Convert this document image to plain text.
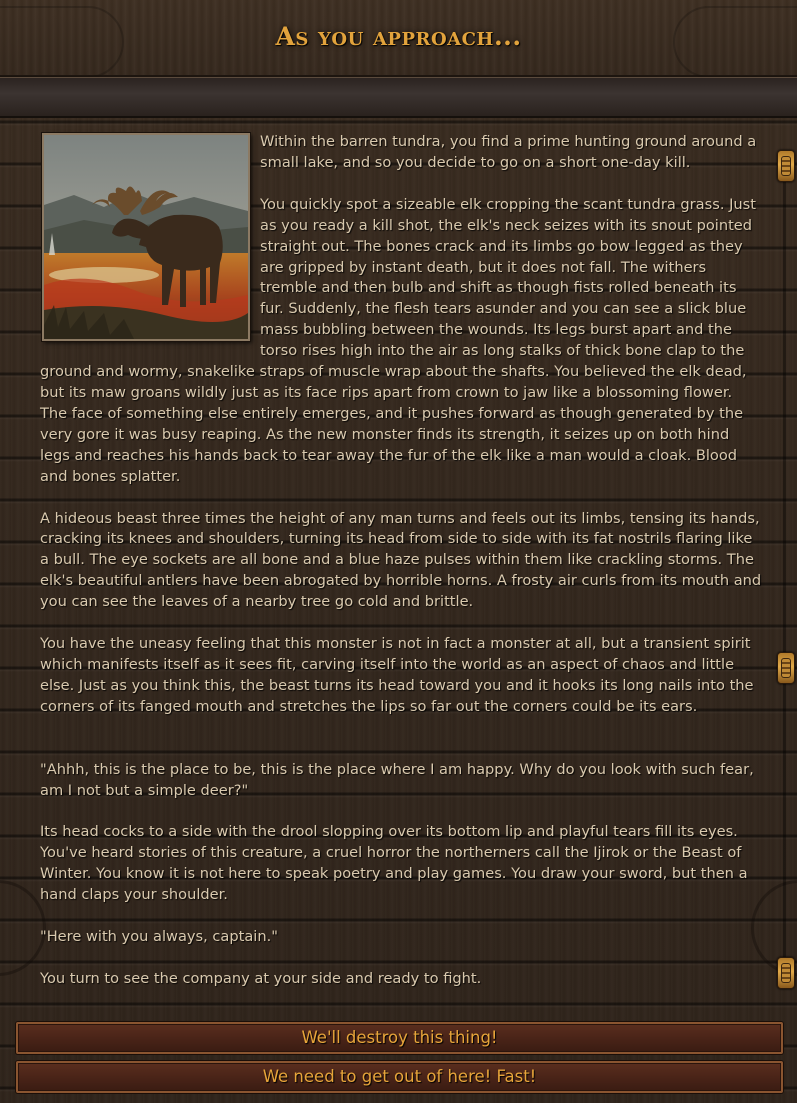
As you approach...

Within the barren tundra, you find a prime hunting ground around a small lake, and so you decide to go on a short one-day kill.

You quickly spot a sizeable elk cropping the scant tundra grass. Just as you ready a kill shot, the elk's neck seizes with its snout pointed straight out. The bones crack and its limbs go bow legged as they are gripped by instant death, but it does not fall. The withers tremble and then bulb and shift as though fists rolled beneath its fur. Suddenly, the flesh tears asunder and you can see a slick blue mass bubbling between the wounds. Its legs burst apart and the torso rises high into the air as long stalks of thick bone clap to the ground and wormy, snakelike straps of muscle wrap about the shafts. You believed the elk dead, but its maw groans wildly just as its face rips apart from crown to jaw like a blossoming flower. The face of something else entirely emerges, and it pushes forward as though generated by the very gore it was busy reaping. As the new monster finds its strength, it seizes up on both hind legs and reaches his hands back to tear away the fur of the elk like a man would a cloak. Blood and bones splatter.

A hideous beast three times the height of any man turns and feels out its limbs, tensing its hands, cracking its knees and shoulders, turning its head from side to side with its fat nostrils flaring like a bull. The eye sockets are all bone and a blue haze pulses within them like crackling storms. The elk's beautiful antlers have been abrogated by horrible horns. A frosty air curls from its mouth and you can see the leaves of a nearby tree go cold and brittle.

You have the uneasy feeling that this monster is not in fact a monster at all, but a transient spirit which manifests itself as it sees fit, carving itself into the world as an aspect of chaos and little else. Just as you think this, the beast turns its head toward you and it hooks its long nails into the corners of its fanged mouth and stretches the lips so far out the corners could be its ears.

"Ahhh, this is the place to be, this is the place where I am happy. Why do you look with such fear, am I not but a simple deer?"

Its head cocks to a side with the drool slopping over its bottom lip and playful tears fill its eyes. You've heard stories of this creature, a cruel horror the northerners call the Ijirok or the Beast of Winter. You know it is not here to speak poetry and play games. You draw your sword, but then a hand claps your shoulder.

"Here with you always, captain."

You turn to see the company at your side and ready to fight.

We'll destroy this thing!
We need to get out of here! Fast!
